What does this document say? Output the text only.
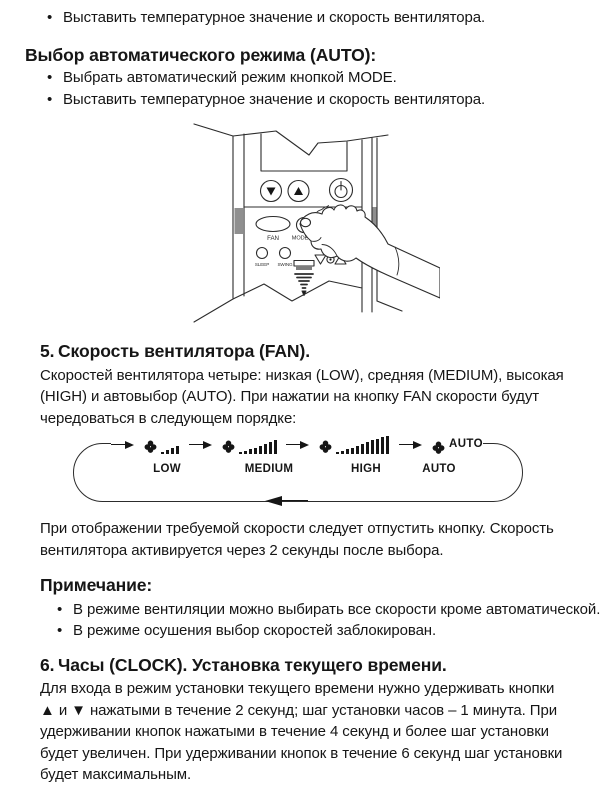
• Выставить температурное значение и скорость вентилятора.
Выбор автоматического режима (AUTO):
• Выбрать автоматический режим кнопкой MODE.
• Выставить температурное значение и скорость вентилятора.
FAN MODE
SLEEP SWING
5. Скорость вентилятора (FAN).

Скоростей вентилятора четыре: низкая (LOW), средняя (MEDIUM), высокая (HIGH) и автовыбор (AUTO). При нажатии на кнопку FAN скорости будут чередоваться в следующем порядке:

AUTO
LOW	MEDIUM	HIGH	AUTO

При отображении требуемой скорости следует отпустить кнопку. Скорость вентилятора активируется через 2 секунды после выбора.

Примечание:
• В режиме вентиляции можно выбирать все скорости кроме автоматической.
• В режиме осушения выбор скоростей заблокирован.
6. Часы (CLOCK). Установка текущего времени.

Для входа в режим установки текущего времени нужно удерживать кнопки ▲ и ▼ нажатыми в течение 2 секунд; шаг установки часов – 1 минута. При удерживании кнопок нажатыми в течение 4 секунд и более шаг установки будет увеличен. При удерживании кнопок в течение 6 секунд шаг установки будет максимальным.
